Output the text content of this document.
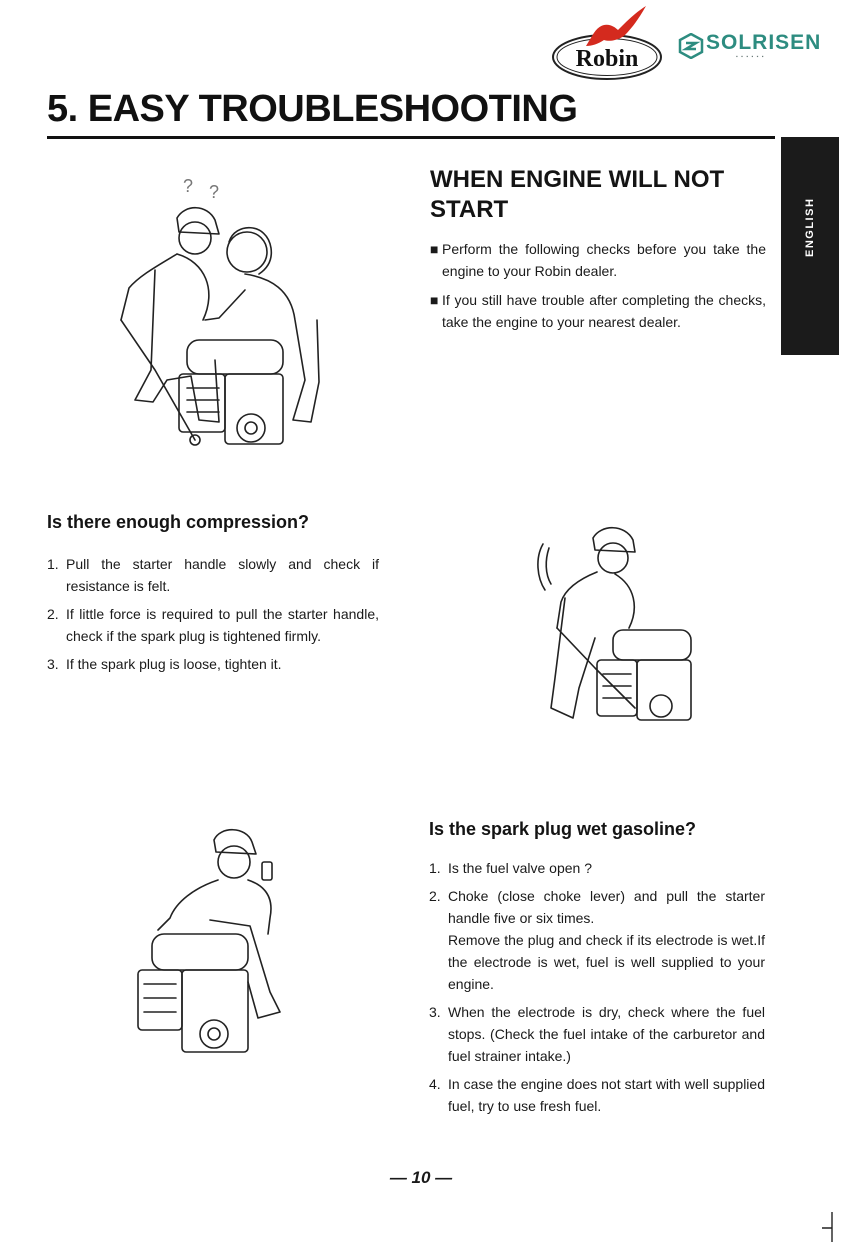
Robin
SOLRISEN
▪ ▪ ▪ ▪ ▪ ▪
5. EASY TROUBLESHOOTING
ENGLISH
? ?	WHEN ENGINE WILL NOT
START
■ Perform the following checks before you take the engine to your Robin dealer.
■ If you still have trouble after completing the checks, take the engine to your nearest dealer.
Is there enough compression?
1. Pull the starter handle slowly and check if resistance is felt.
2. If little force is required to pull the starter handle, check if the spark plug is tightened firmly.
3. If the spark plug is loose, tighten it.
Is the spark plug wet gasoline?
1. Is the fuel valve open ?
2. Choke (close choke lever) and pull the starter handle five or six times.
Remove the plug and check if its electrode is wet.If the electrode is wet, fuel is well supplied to your engine.
3. When the electrode is dry, check where the fuel stops. (Check the fuel intake of the carburetor and fuel strainer intake.)
4. In case the engine does not start with well supplied fuel, try to use fresh fuel.
— 10 —
